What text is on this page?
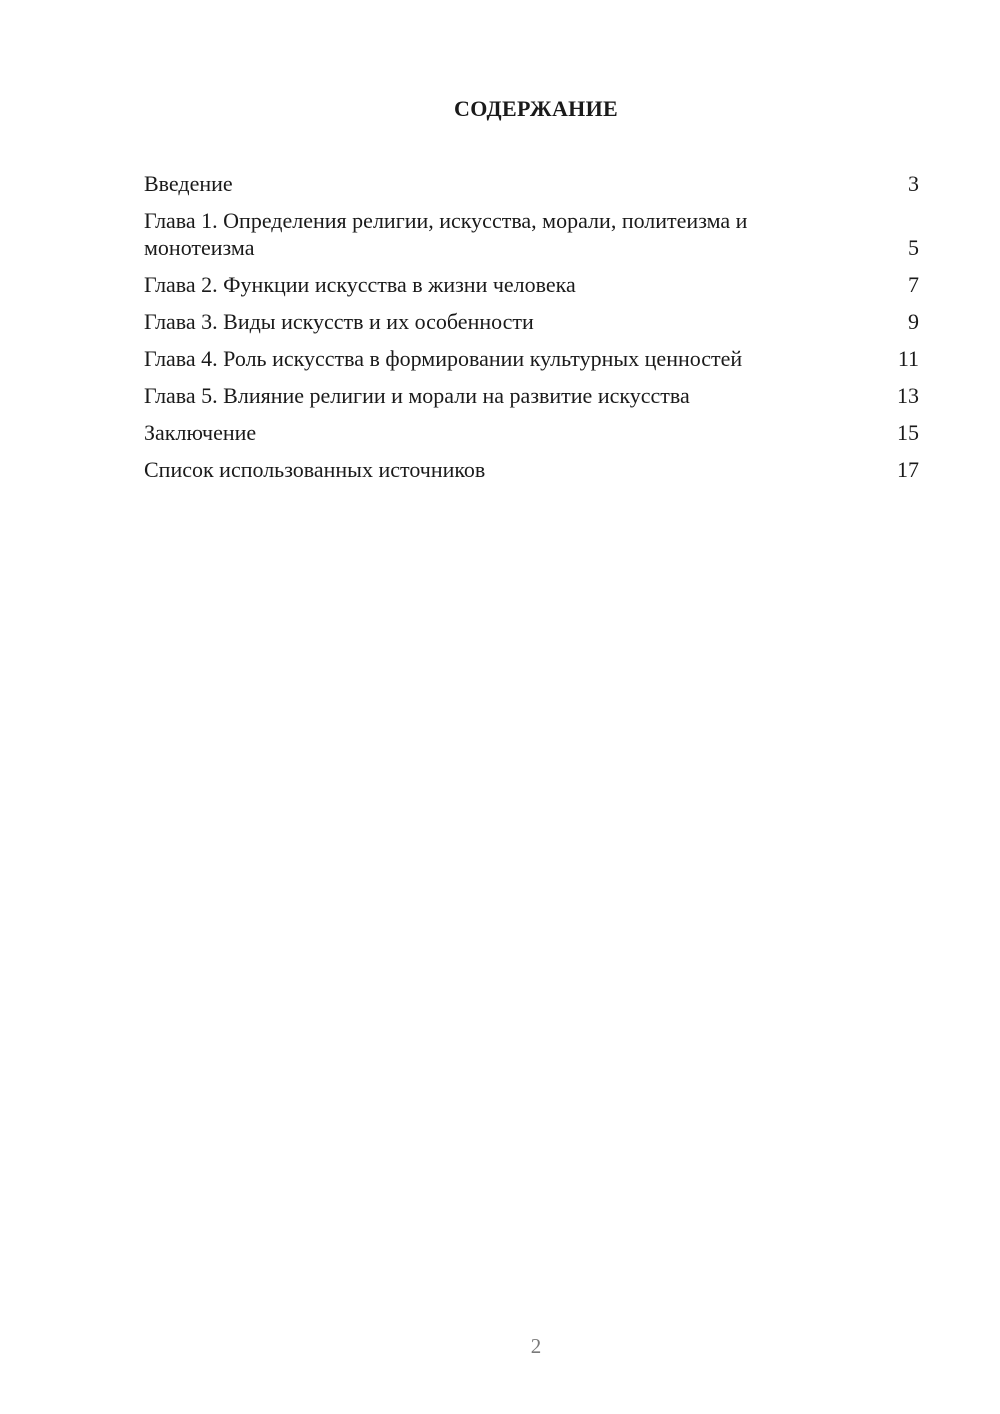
СОДЕРЖАНИЕ
Введение	3
Глава 1. Определения религии, искусства, морали, политеизма и монотеизма	5
Глава 2. Функции искусства в жизни человека	7
Глава 3. Виды искусств и их особенности	9
Глава 4. Роль искусства в формировании культурных ценностей	11
Глава 5. Влияние религии и морали на развитие искусства	13
Заключение	15
Список использованных источников	17
2
